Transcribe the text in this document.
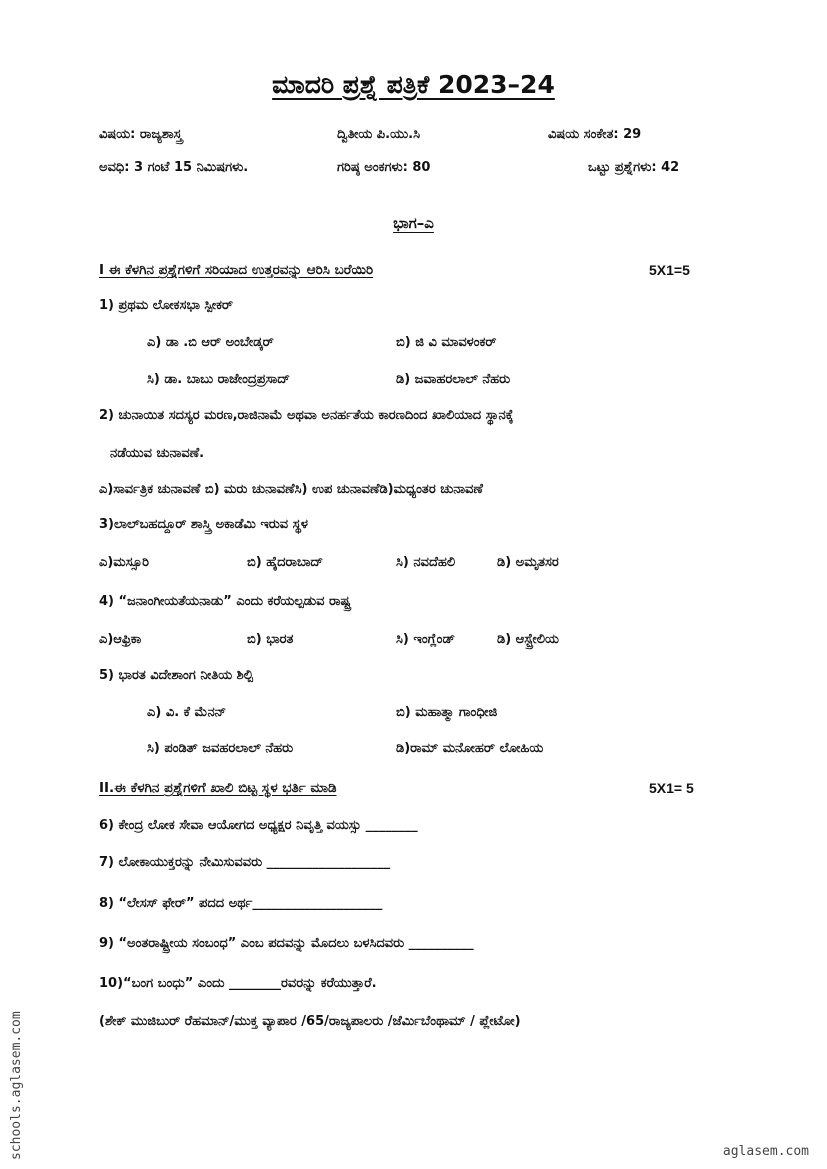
ಮಾದರಿ ಪ್ರಶ್ನೆ ಪತ್ರಿಕೆ 2023–24
ವಿಷಯ: ರಾಜ್ಯಶಾಸ್ತ್ರ	ದ್ವಿತೀಯ ಪಿ.ಯು.ಸಿ	ವಿಷಯ ಸಂಕೇತ: 29
ಅವಧಿ: 3 ಗಂಟೆ 15 ನಿಮಿಷಗಳು.	ಗರಿಷ್ಠ ಅಂಕಗಳು: 80	ಒಟ್ಟು ಪ್ರಶ್ನೆಗಳು: 42
ಭಾಗ–ಎ
I ಈ ಕೆಳಗಿನ ಪ್ರಶ್ನೆಗಳಿಗೆ ಸರಿಯಾದ ಉತ್ತರವನ್ನು ಆರಿಸಿ ಬರೆಯಿರಿ	5X1=5
1) ಪ್ರಥಮ ಲೋಕಸಭಾ ಸ್ಪೀಕರ್
ಎ) ಡಾ .ಬಿ ಆರ್ ಅಂಬೇಡ್ಕರ್	ಬಿ) ಜಿ ವಿ ಮಾವಳಂಕರ್
ಸಿ) ಡಾ. ಬಾಬು ರಾಜೇಂದ್ರಪ್ರಸಾದ್	ಡಿ) ಜವಾಹರಲಾಲ್ ನೆಹರು
2) ಚುನಾಯಿತ ಸದಸ್ಯರ ಮರಣ,ರಾಜಿನಾಮೆ ಅಥವಾ ಅನರ್ಹತೆಯ ಕಾರಣದಿಂದ ಖಾಲಿಯಾದ ಸ್ಥಾನಕ್ಕೆ
ನಡೆಯುವ ಚುನಾವಣೆ.
ಎ)ಸಾರ್ವತ್ರಿಕ ಚುನಾವಣೆ ಬಿ) ಮರು ಚುನಾವಣೆಸಿ) ಉಪ ಚುನಾವಣೆಡಿ)ಮಧ್ಯಂತರ ಚುನಾವಣೆ
3)ಲಾಲ್‌ಬಹದ್ದೂರ್ ಶಾಸ್ತ್ರಿ ಅಕಾಡೆಮಿ ಇರುವ ಸ್ಥಳ
ಎ)ಮಸ್ಸೂರಿ	ಬಿ) ಹೈದರಾಬಾದ್	ಸಿ) ನವದೆಹಲಿ	ಡಿ) ಅಮೃತಸರ
4) “ಜನಾಂಗೀಯತೆಯನಾಡು” ಎಂದು ಕರೆಯಲ್ಪಡುವ ರಾಷ್ಟ್ರ
ಎ)ಆಫ್ರಿಕಾ	ಬಿ) ಭಾರತ	ಸಿ) ಇಂಗ್ಲೆಂಡ್	ಡಿ) ಆಸ್ಟ್ರೇಲಿಯ
5) ಭಾರತ ವಿದೇಶಾಂಗ ನೀತಿಯ ಶಿಲ್ಪಿ
ಎ) ವಿ. ಕೆ ಮೆನನ್	ಬಿ) ಮಹಾತ್ಮಾ ಗಾಂಧೀಜಿ
ಸಿ) ಪಂಡಿತ್ ಜವಹರಲಾಲ್ ನೆಹರು	ಡಿ)ರಾಮ್ ಮನೋಹರ್ ಲೋಹಿಯ
II.ಈ ಕೆಳಗಿನ ಪ್ರಶ್ನೆಗಳಿಗೆ ಖಾಲಿ ಬಿಟ್ಟ ಸ್ಥಳ ಭರ್ತಿ ಮಾಡಿ	5X1= 5
6) ಕೇಂದ್ರ ಲೋಕ ಸೇವಾ ಆಯೋಗದ ಅಧ್ಯಕ್ಷರ ನಿವೃತ್ತಿ ವಯಸ್ಸು ________
7) ಲೋಕಾಯುಕ್ತರನ್ನು ನೇಮಿಸುವವರು ___________________
8) “ಲೇಸಸ್ ಫೇರ್” ಪದದ ಅರ್ಥ____________________
9) “ಅಂತರಾಷ್ಟ್ರೀಯ ಸಂಬಂಧ” ಎಂಬ ಪದವನ್ನು ಮೊದಲು ಬಳಸಿದವರು __________
10)“ಬಂಗ ಬಂಧು” ಎಂದು ________ರವರನ್ನು ಕರೆಯುತ್ತಾರೆ.
(ಶೇಕ್ ಮುಜಿಬುರ್ ರೆಹಮಾನ್/ಮುಕ್ತ ವ್ಯಾಪಾರ /65/ರಾಜ್ಯಪಾಲರು /ಜೆರ್ಮಿಬೆಂಥಾಮ್ / ಪ್ಲೇಟೋ)
schools.aglasem.com	aglasem.com
